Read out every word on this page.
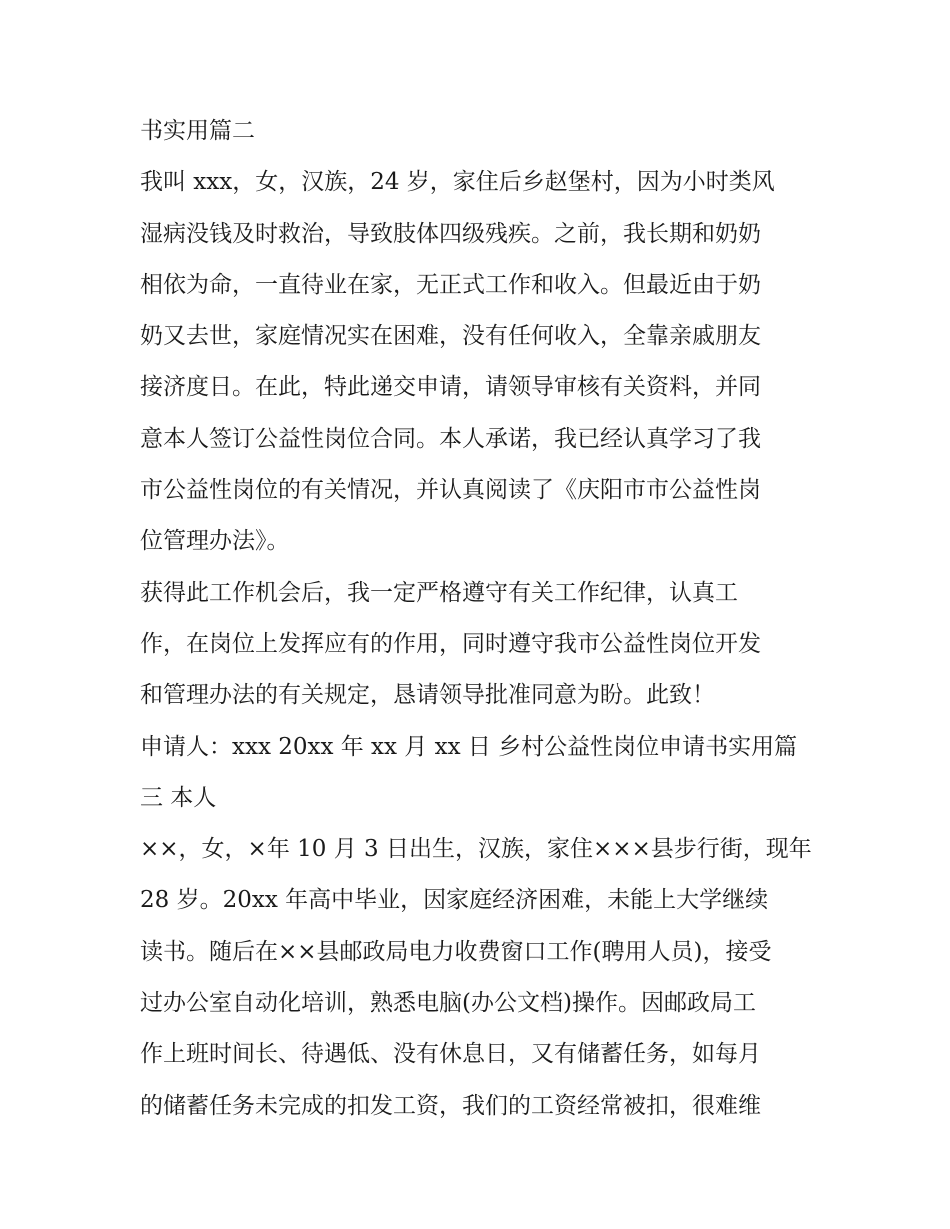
书实用篇二
我叫 xxx，女，汉族，24 岁，家住后乡赵堡村，因为小时类风
湿病没钱及时救治，导致肢体四级残疾。之前，我长期和奶奶
相依为命，一直待业在家，无正式工作和收入。但最近由于奶
奶又去世，家庭情况实在困难，没有任何收入，全靠亲戚朋友
接济度日。在此，特此递交申请，请领导审核有关资料，并同
意本人签订公益性岗位合同。本人承诺，我已经认真学习了我
市公益性岗位的有关情况，并认真阅读了《庆阳市市公益性岗
位管理办法》。
获得此工作机会后，我一定严格遵守有关工作纪律，认真工
作，在岗位上发挥应有的作用，同时遵守我市公益性岗位开发
和管理办法的有关规定，恳请领导批准同意为盼。此致！
申请人：xxx 20xx 年 xx 月 xx 日 乡村公益性岗位申请书实用篇
三 本人
××，女，×年 10 月 3 日出生，汉族，家住×××县步行街，现年
28 岁。20xx 年高中毕业，因家庭经济困难，未能上大学继续
读书。随后在××县邮政局电力收费窗口工作(聘用人员)，接受
过办公室自动化培训，熟悉电脑(办公文档)操作。因邮政局工
作上班时间长、待遇低、没有休息日，又有储蓄任务，如每月
的储蓄任务未完成的扣发工资，我们的工资经常被扣，很难维
